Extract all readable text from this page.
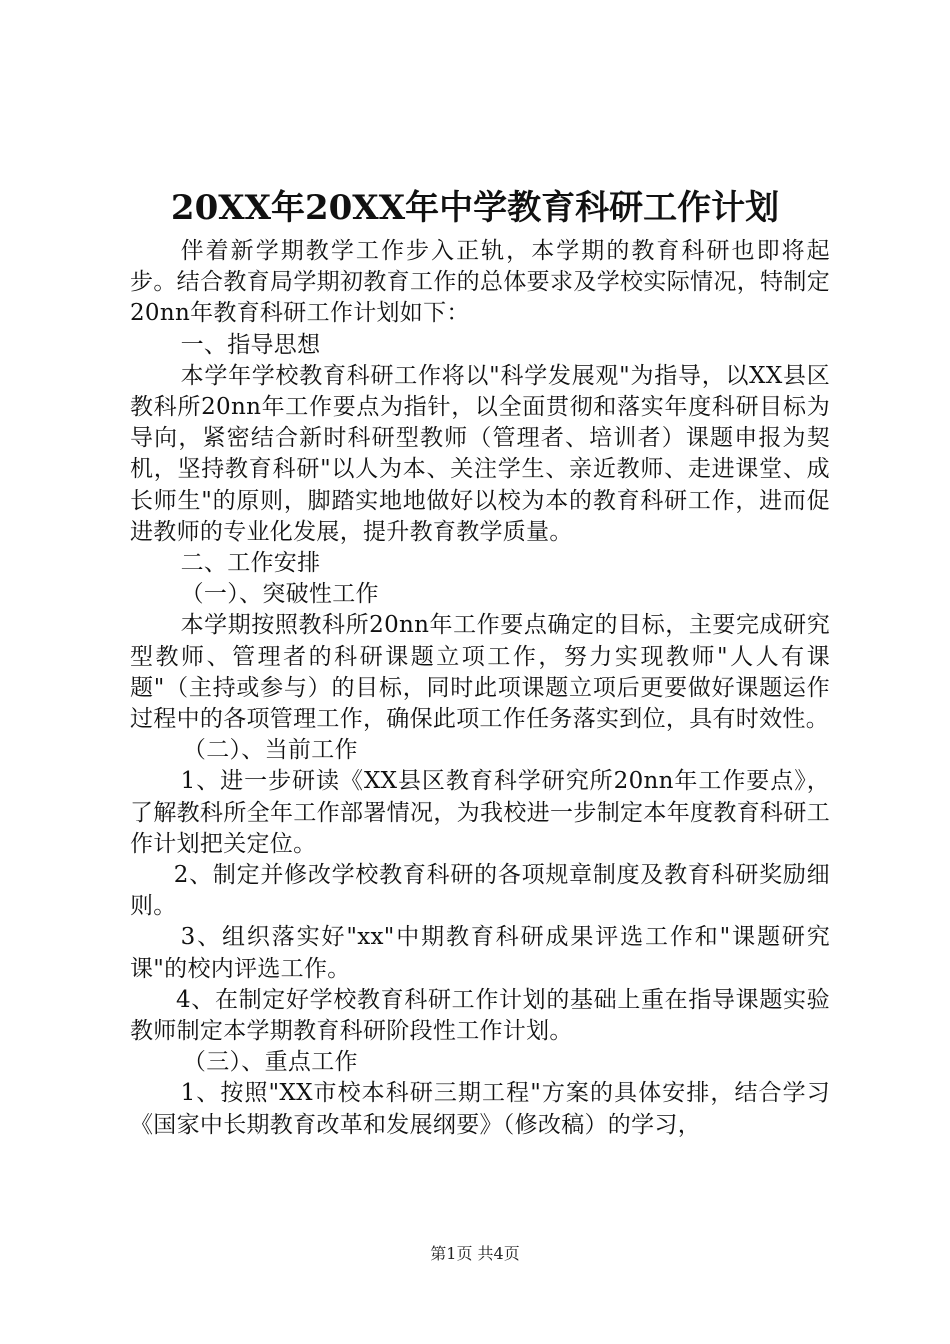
20XX年20XX年中学教育科研工作计划

伴着新学期教学工作步入正轨，本学期的教育科研也即将起步。结合教育局学期初教育工作的总体要求及学校实际情况，特制定20nn年教育科研工作计划如下：

一、指导思想

本学年学校教育科研工作将以"科学发展观"为指导，以XX县区教科所20nn年工作要点为指针，以全面贯彻和落实年度科研目标为导向，紧密结合新时科研型教师（管理者、培训者）课题申报为契机，坚持教育科研"以人为本、关注学生、亲近教师、走进课堂、成长师生"的原则，脚踏实地地做好以校为本的教育科研工作，进而促进教师的专业化发展，提升教育教学质量。

二、工作安排

（一）、突破性工作

本学期按照教科所20nn年工作要点确定的目标，主要完成研究型教师、管理者的科研课题立项工作，努力实现教师"人人有课题"（主持或参与）的目标，同时此项课题立项后更要做好课题运作过程中的各项管理工作，确保此项工作任务落实到位，具有时效性。

（二）、当前工作

1、进一步研读《XX县区教育科学研究所20nn年工作要点》，了解教科所全年工作部署情况，为我校进一步制定本年度教育科研工作计划把关定位。

2、制定并修改学校教育科研的各项规章制度及教育科研奖励细则。

3、组织落实好"xx"中期教育科研成果评选工作和"课题研究课"的校内评选工作。

4、在制定好学校教育科研工作计划的基础上重在指导课题实验教师制定本学期教育科研阶段性工作计划。

（三）、重点工作

1、按照"XX市校本科研三期工程"方案的具体安排，结合学习《国家中长期教育改革和发展纲要》（修改稿）的学习，

第1页 共4页
